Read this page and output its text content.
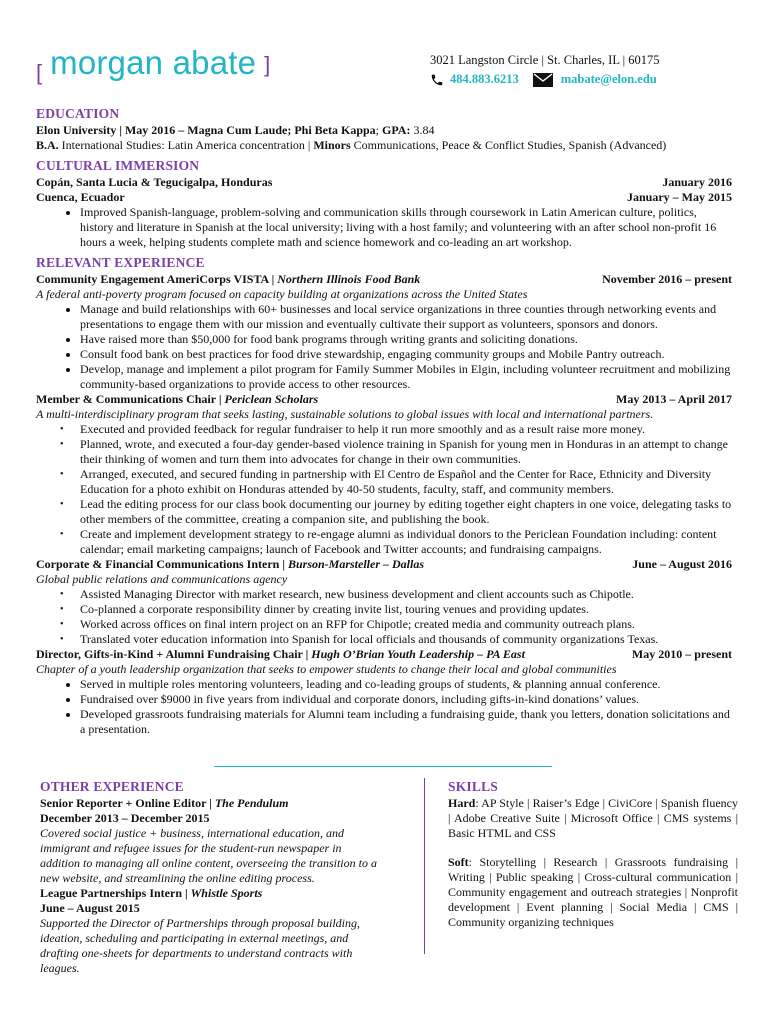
[ morgan abate ]	3021 Langston Circle | St. Charles, IL | 60175
484.883.6213	mabate@elon.edu
EDUCATION
Elon University | May 2016 – Magna Cum Laude; Phi Beta Kappa; GPA: 3.84
B.A. International Studies: Latin America concentration | Minors Communications, Peace & Conflict Studies, Spanish (Advanced)
CULTURAL IMMERSION
Copán, Santa Lucia & Tegucigalpa, Honduras	January 2016
Cuenca, Ecuador	January – May 2015
• Improved Spanish-language, problem-solving and communication skills through coursework in Latin American culture, politics, history and literature in Spanish at the local university; living with a host family; and volunteering with an after school non-profit 16 hours a week, helping students complete math and science homework and co-leading an art workshop.
RELEVANT EXPERIENCE
Community Engagement AmeriCorps VISTA | Northern Illinois Food Bank	November 2016 – present
A federal anti-poverty program focused on capacity building at organizations across the United States
• Manage and build relationships with 60+ businesses and local service organizations in three counties through networking events and presentations to engage them with our mission and eventually cultivate their support as volunteers, sponsors and donors.
• Have raised more than $50,000 for food bank programs through writing grants and soliciting donations.
• Consult food bank on best practices for food drive stewardship, engaging community groups and Mobile Pantry outreach.
• Develop, manage and implement a pilot program for Family Summer Mobiles in Elgin, including volunteer recruitment and mobilizing community-based organizations to provide access to other resources.
Member & Communications Chair | Periclean Scholars	May 2013 – April 2017
A multi-interdisciplinary program that seeks lasting, sustainable solutions to global issues with local and international partners.
• Executed and provided feedback for regular fundraiser to help it run more smoothly and as a result raise more money.
• Planned, wrote, and executed a four-day gender-based violence training in Spanish for young men in Honduras in an attempt to change their thinking of women and turn them into advocates for change in their own communities.
• Arranged, executed, and secured funding in partnership with El Centro de Español and the Center for Race, Ethnicity and Diversity Education for a photo exhibit on Honduras attended by 40-50 students, faculty, staff, and community members.
• Lead the editing process for our class book documenting our journey by editing together eight chapters in one voice, delegating tasks to other members of the committee, creating a companion site, and publishing the book.
• Create and implement development strategy to re-engage alumni as individual donors to the Periclean Foundation including: content calendar; email marketing campaigns; launch of Facebook and Twitter accounts; and fundraising campaigns.
Corporate & Financial Communications Intern | Burson-Marsteller – Dallas	June – August 2016
Global public relations and communications agency
• Assisted Managing Director with market research, new business development and client accounts such as Chipotle.
• Co-planned a corporate responsibility dinner by creating invite list, touring venues and providing updates.
• Worked across offices on final intern project on an RFP for Chipotle; created media and community outreach plans.
• Translated voter education information into Spanish for local officials and thousands of community organizations Texas.
Director, Gifts-in-Kind + Alumni Fundraising Chair | Hugh O’Brian Youth Leadership – PA East	May 2010 – present
Chapter of a youth leadership organization that seeks to empower students to change their local and global communities
• Served in multiple roles mentoring volunteers, leading and co-leading groups of students, & planning annual conference.
• Fundraised over $9000 in five years from individual and corporate donors, including gifts-in-kind donations’ values.
• Developed grassroots fundraising materials for Alumni team including a fundraising guide, thank you letters, donation solicitations and a presentation.
OTHER EXPERIENCE

Senior Reporter + Online Editor | The Pendulum

December 2013 – December 2015

Covered social justice + business, international education, and immigrant and refugee issues for the student-run newspaper in addition to managing all online content, overseeing the transition to a new website, and streamlining the online editing process.

League Partnerships Intern | Whistle Sports

June – August 2015

Supported the Director of Partnerships through proposal building, ideation, scheduling and participating in external meetings, and drafting one-sheets for departments to understand contracts with leagues.

SKILLS

Hard: AP Style | Raiser’s Edge | CiviCore | Spanish fluency | Adobe Creative Suite | Microsoft Office | CMS systems | Basic HTML and CSS

Soft: Storytelling | Research | Grassroots fundraising | Writing | Public speaking | Cross-cultural communication | Community engagement and outreach strategies | Nonprofit development | Event planning | Social Media | CMS | Community organizing techniques
